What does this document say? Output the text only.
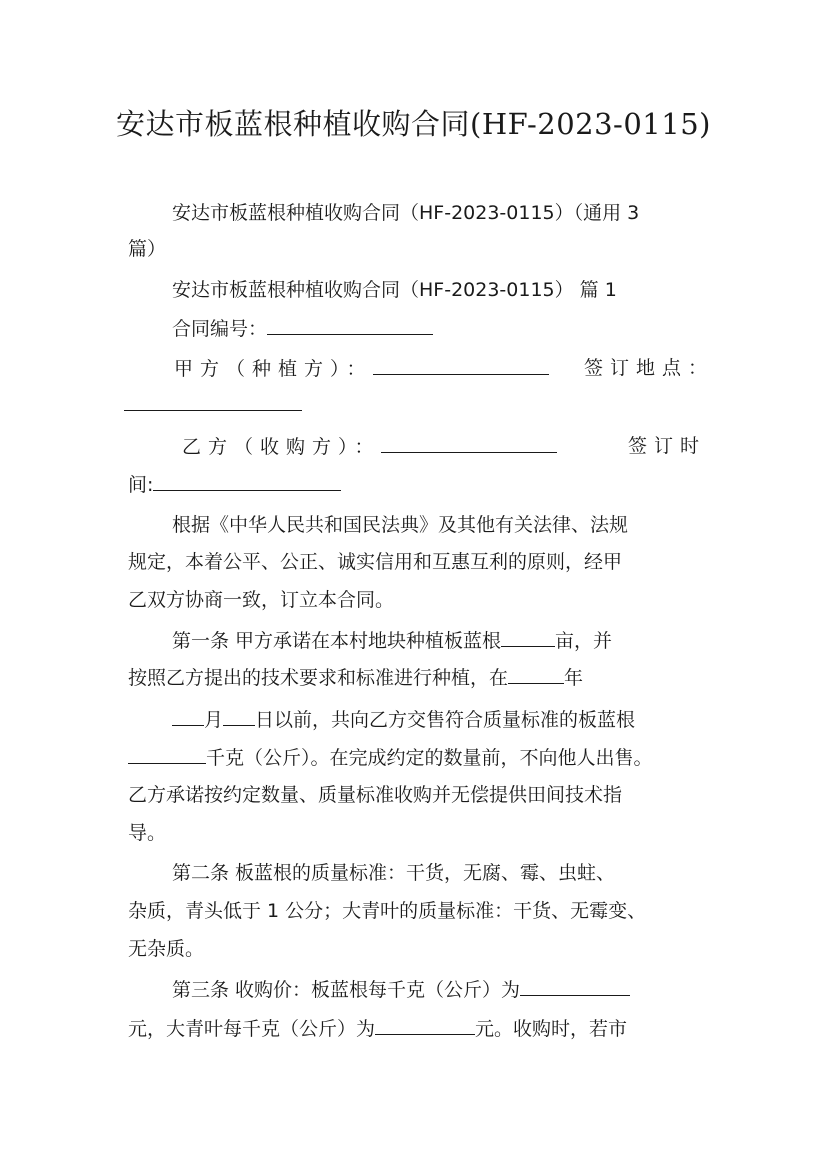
安达市板蓝根种植收购合同(HF-2023-0115)
安达市板蓝根种植收购合同（HF-2023-0115）（通用 3
篇）
安达市板蓝根种植收购合同（HF-2023-0115） 篇 1
合同编号：
甲方（种植方）：	签订地点：
乙方（收购方）：	签订时
间:
根据《中华人民共和国民法典》及其他有关法律、法规
规定，本着公平、公正、诚实信用和互惠互利的原则，经甲
乙双方协商一致，订立本合同。
第一条 甲方承诺在本村地块种植板蓝根	亩，并
按照乙方提出的技术要求和标准进行种植，在	年
月 日以前，共向乙方交售符合质量标准的板蓝根
千克（公斤）。在完成约定的数量前，不向他人出售。
乙方承诺按约定数量、质量标准收购并无偿提供田间技术指
导。
第二条 板蓝根的质量标准：干货，无腐、霉、虫蛀、
杂质，青头低于 1 公分；大青叶的质量标准：干货、无霉变、
无杂质。
第三条 收购价：板蓝根每千克（公斤）为
元，大青叶每千克（公斤）为	元。收购时，若市
